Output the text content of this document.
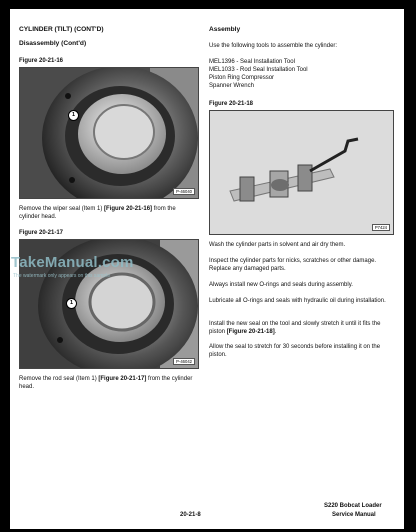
CYLINDER (TILT) (CONT'D)

Disassembly (Cont'd)

Figure 20-21-16

1
P-46040

Remove the wiper seal (Item 1) [Figure 20-21-16] from the cylinder head.

Figure 20-21-17

1
P-46042

Remove the rod seal (Item 1) [Figure 20-21-17] from the cylinder head.

Assembly

Use the following tools to assemble the cylinder:

MEL1396 - Seal Installation Tool
MEL1033 - Rod Seal Installation Tool
Piston Ring Compressor
Spanner Wrench

Figure 20-21-18

P7424

Wash the cylinder parts in solvent and air dry them.

Inspect the cylinder parts for nicks, scratches or other damage. Replace any damaged parts.

Always install new O-rings and seals during assembly.

Lubricate all O-rings and seals with hydraulic oil during installation.

Install the new seal on the tool and slowly stretch it until it fits the piston [Figure 20-21-18].

Allow the seal to stretch for 30 seconds before installing it on the piston.

TakeManual.com
The watermark only appears on this sample

20-21-8

S220 Bobcat Loader

Service Manual
